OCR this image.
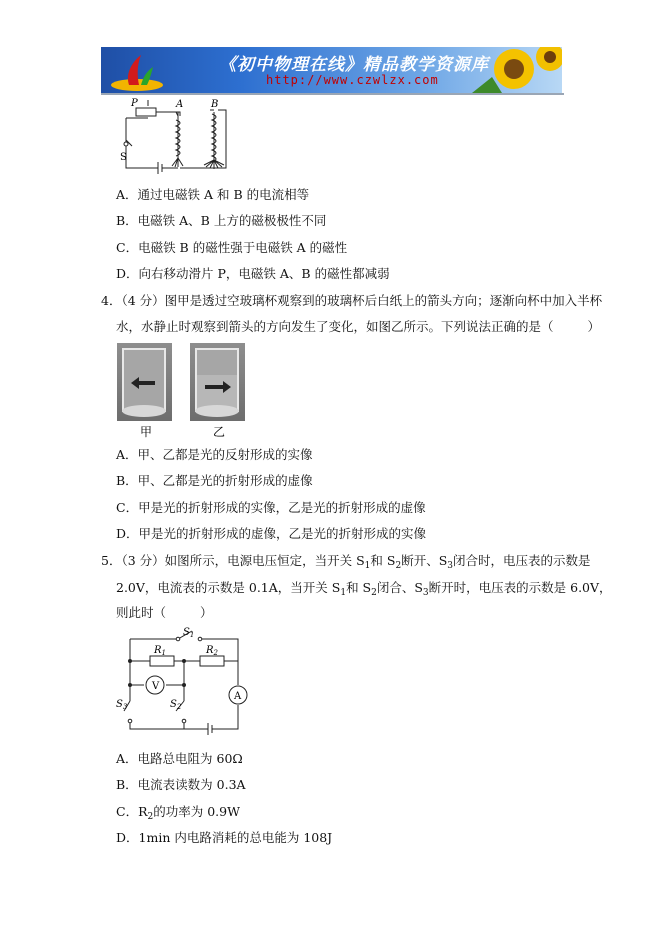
《初中物理在线》精品教学资源库
http://www.czwlzx.com
P	A	B
S
A．通过电磁铁 A 和 B 的电流相等
B．电磁铁 A、B 上方的磁极极性不同
C．电磁铁 B 的磁性强于电磁铁 A 的磁性
D．向右移动滑片 P，电磁铁 A、B 的磁性都减弱
4．（4 分）图甲是透过空玻璃杯观察到的玻璃杯后白纸上的箭头方向；逐渐向杯中加入半杯
水，水静止时观察到箭头的方向发生了变化，如图乙所示。下列说法正确的是（	）
甲	乙
A．甲、乙都是光的反射形成的实像
B．甲、乙都是光的折射形成的虚像
C．甲是光的折射形成的实像，乙是光的折射形成的虚像
D．甲是光的折射形成的虚像，乙是光的折射形成的实像
5．（3 分）如图所示，电源电压恒定，当开关 $S_1$和 $S_2$断开、$S_3$闭合时，电压表的示数是
2.0V，电流表的示数是 0.1A，当开关 $S_1$和 $S_2$闭合、$S_3$断开时，电压表的示数是 6.0V，
则此时（	）
V
A
$S_1$
$R_1$	$R_2$
$S_3$	$S_2$
A．电路总电阻为 60Ω
B．电流表读数为 0.3A
C．$R_2$的功率为 0.9W
D．1min 内电路消耗的总电能为 108J
